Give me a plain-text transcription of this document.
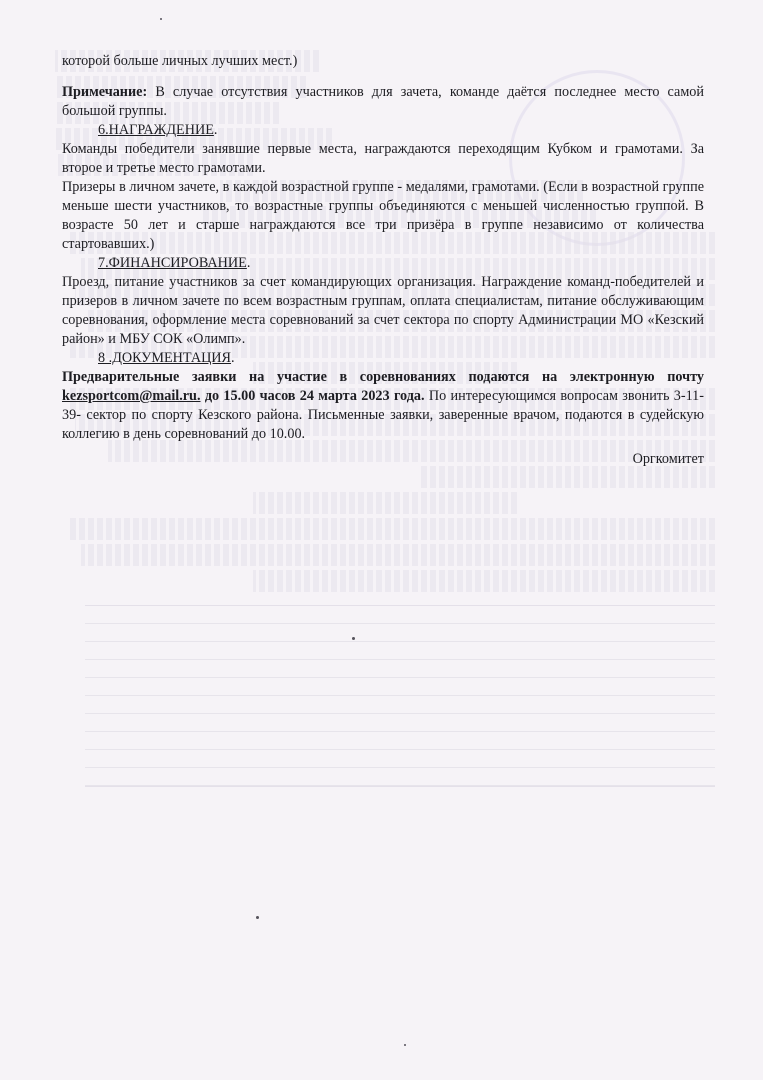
которой больше личных лучших мест.)

Примечание: В случае отсутствия участников для зачета, команде даётся последнее место самой большой группы.

6.НАГРАЖДЕНИЕ.

Команды победители занявшие первые места, награждаются переходящим Кубком и грамотами. За второе и третье место грамотами.

Призеры в личном зачете, в каждой возрастной группе - медалями, грамотами. (Если в возрастной группе меньше шести участников, то возрастные группы объединяются с меньшей численностью группой. В возрасте 50 лет и старше награждаются все три призёра в группе независимо от количества стартовавших.)

7.ФИНАНСИРОВАНИЕ.

Проезд, питание участников за счет командирующих организация. Награждение команд-победителей и призеров в личном зачете по всем возрастным группам, оплата специалистам, питание обслуживающим соревнования, оформление места соревнований за счет сектора по спорту Администрации МО «Кезский район» и МБУ СОК «Олимп».

8 .ДОКУМЕНТАЦИЯ.

Предварительные заявки на участие в соревнованиях подаются на электронную почту kezsportcom@mail.ru. до 15.00 часов 24 марта 2023 года. По интересующимся вопросам звонить 3-11-39- сектор по спорту Кезского района. Письменные заявки, заверенные врачом, подаются в судейскую коллегию в день соревнований до 10.00.

Оргкомитет
